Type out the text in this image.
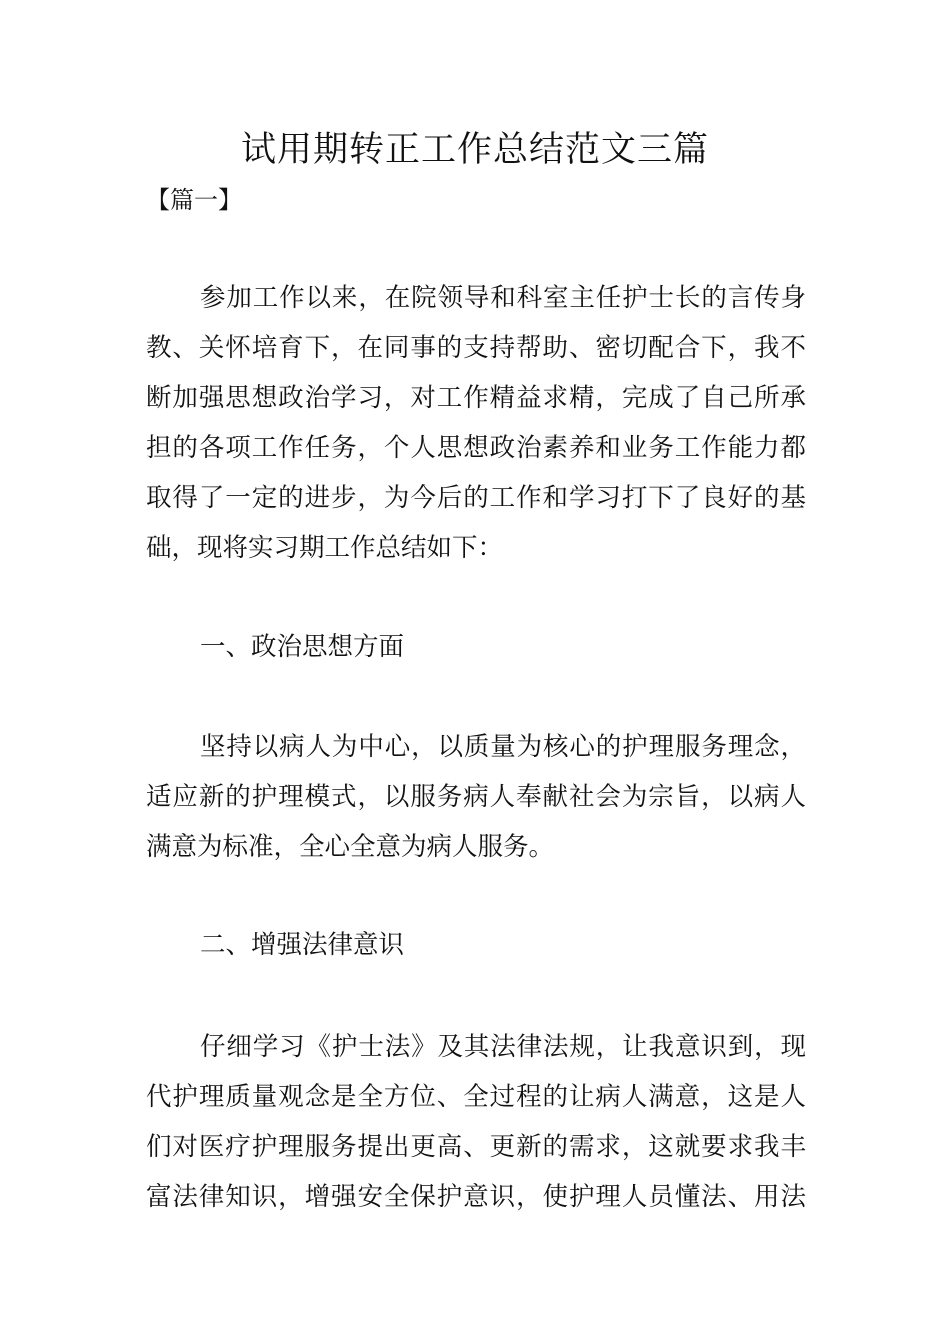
试用期转正工作总结范文三篇
【篇一】
参加工作以来，在院领导和科室主任护士长的言传身
教、关怀培育下，在同事的支持帮助、密切配合下，我不
断加强思想政治学习，对工作精益求精，完成了自己所承
担的各项工作任务，个人思想政治素养和业务工作能力都
取得了一定的进步，为今后的工作和学习打下了良好的基
础，现将实习期工作总结如下：
一、政治思想方面
坚持以病人为中心，以质量为核心的护理服务理念，
适应新的护理模式，以服务病人奉献社会为宗旨，以病人
满意为标准，全心全意为病人服务。
二、增强法律意识
仔细学习《护士法》及其法律法规，让我意识到，现
代护理质量观念是全方位、全过程的让病人满意，这是人
们对医疗护理服务提出更高、更新的需求，这就要求我丰
富法律知识，增强安全保护意识，使护理人员懂法、用法
